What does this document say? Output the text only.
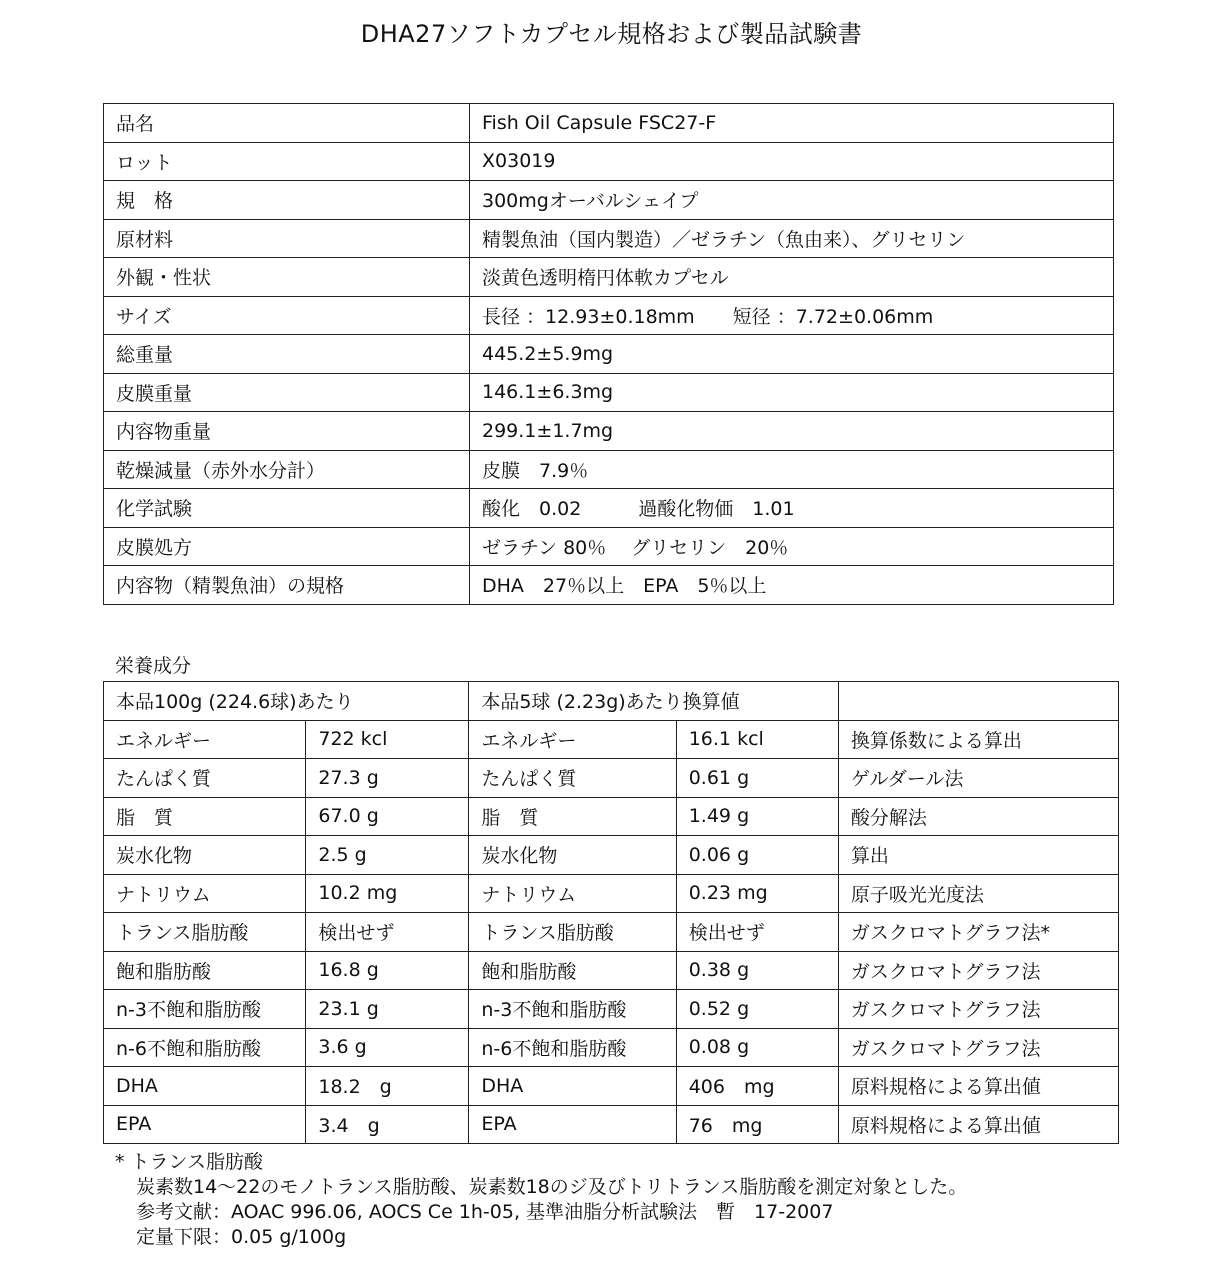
DHA27ソフトカプセル規格および製品試験書
品名	Fish Oil Capsule FSC27-F
ロット	X03019
規　格	300mgオーバルシェイプ
原材料	精製魚油（国内製造）／ゼラチン（魚由来）、グリセリン
外観・性状	淡黄色透明楕円体軟カプセル
サイズ	長径 ：12.93±0.18mm　　短径 ：7.72±0.06mm
総重量	445.2±5.9mg
皮膜重量	146.1±6.3mg
内容物重量	299.1±1.7mg
乾燥減量（赤外水分計）	皮膜　7.9％
化学試験	酸化　0.02　　　過酸化物価　1.01
皮膜処方	ゼラチン 80％　 グリセリン　20％
内容物（精製魚油）の規格	DHA　27％以上　EPA　5％以上
栄養成分
本品100g (224.6球)あたり		本品5球 (2.23g)あたり換算値		
エネルギー	722 kcl	エネルギー	16.1 kcl	換算係数による算出
たんぱく質	27.3 g	たんぱく質	0.61 g	ゲルダール法
脂　質	67.0 g	脂　質	1.49 g	酸分解法
炭水化物	2.5 g	炭水化物	0.06 g	算出
ナトリウム	10.2 mg	ナトリウム	0.23 mg	原子吸光光度法
トランス脂肪酸	検出せず	トランス脂肪酸	検出せず	ガスクロマトグラフ法*
飽和脂肪酸	16.8 g	飽和脂肪酸	0.38 g	ガスクロマトグラフ法
n-3不飽和脂肪酸	23.1 g	n-3不飽和脂肪酸	0.52 g	ガスクロマトグラフ法
n-6不飽和脂肪酸	3.6 g	n-6不飽和脂肪酸	0.08 g	ガスクロマトグラフ法
DHA	18.2　g	DHA	406　mg	原料規格による算出値
EPA	3.4　g	EPA	76　mg	原料規格による算出値
* トランス脂肪酸
炭素数14～22のモノトランス脂肪酸、炭素数18のジ及びトリトランス脂肪酸を測定対象とした。
参考文献：AOAC 996.06, AOCS Ce 1h-05, 基準油脂分析試験法　暫　17-2007
定量下限：0.05 g/100g
